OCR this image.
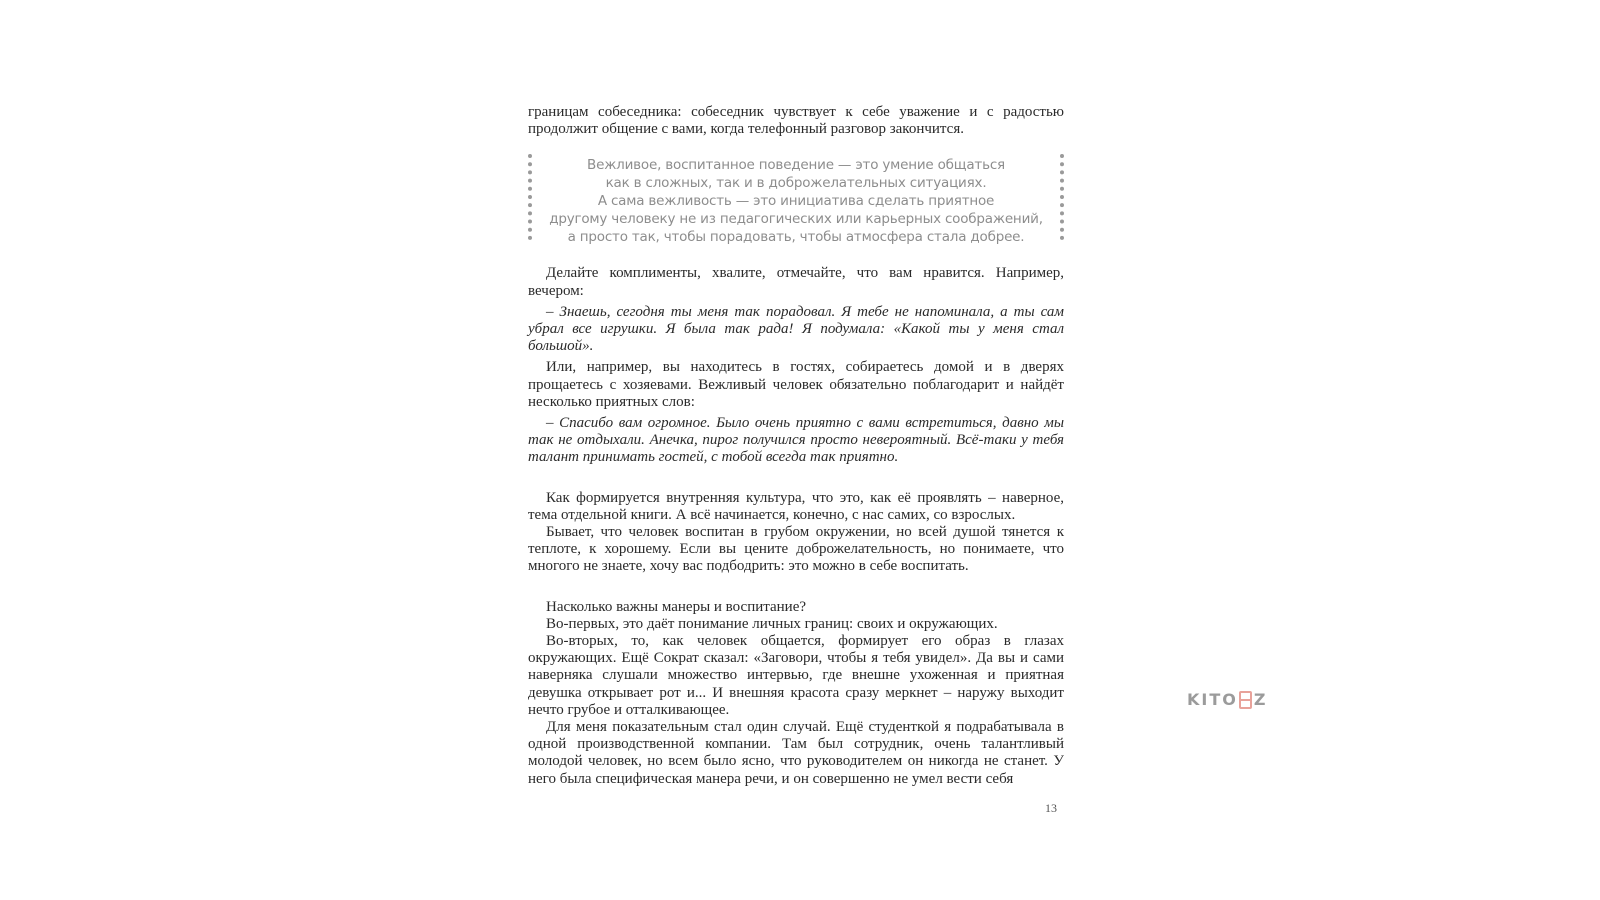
границам собеседника: собеседник чувствует к себе уважение и с радостью продолжит общение с вами, когда телефонный разговор закончится.

Вежливое, воспитанное поведение — это умение общаться
как в сложных, так и в доброжелательных ситуациях.
А сама вежливость — это инициатива сделать приятное
другому человеку не из педагогических или карьерных соображений,
а просто так, чтобы порадовать, чтобы атмосфера стала добрее.

Делайте комплименты, хвалите, отмечайте, что вам нравится. Например, вечером:

– Знаешь, сегодня ты меня так порадовал. Я тебе не напоминала, а ты сам убрал все игрушки. Я была так рада! Я подумала: «Какой ты у меня стал большой».

Или, например, вы находитесь в гостях, собираетесь домой и в дверях прощаетесь с хозяевами. Вежливый человек обязательно поблагодарит и найдёт несколько приятных слов:

– Спасибо вам огромное. Было очень приятно с вами встретиться, давно мы так не отдыхали. Анечка, пирог получился просто невероятный. Всё-таки у тебя талант принимать гостей, с тобой всегда так приятно.

Как формируется внутренняя культура, что это, как её проявлять – наверное, тема отдельной книги. А всё начинается, конечно, с нас самих, со взрослых.

Бывает, что человек воспитан в грубом окружении, но всей душой тянется к теплоте, к хорошему. Если вы цените доброжелательность, но понимаете, что многого не знаете, хочу вас подбодрить: это можно в себе воспитать.

Насколько важны манеры и воспитание?

Во-первых, это даёт понимание личных границ: своих и окружающих.

Во-вторых, то, как человек общается, формирует его образ в глазах окружающих. Ещё Сократ сказал: «Заговори, чтобы я тебя увидел». Да вы и сами наверняка слушали множество интервью, где внешне ухоженная и приятная девушка открывает рот и... И внешняя красота сразу меркнет – наружу выходит нечто грубое и отталкивающее.

Для меня показательным стал один случай. Ещё студенткой я подрабатывала в одной производственной компании. Там был сотрудник, очень талантливый молодой человек, но всем было ясно, что руководителем он никогда не станет. У него была специфическая манера речи, и он совершенно не умел вести себя

13
KITO Z
